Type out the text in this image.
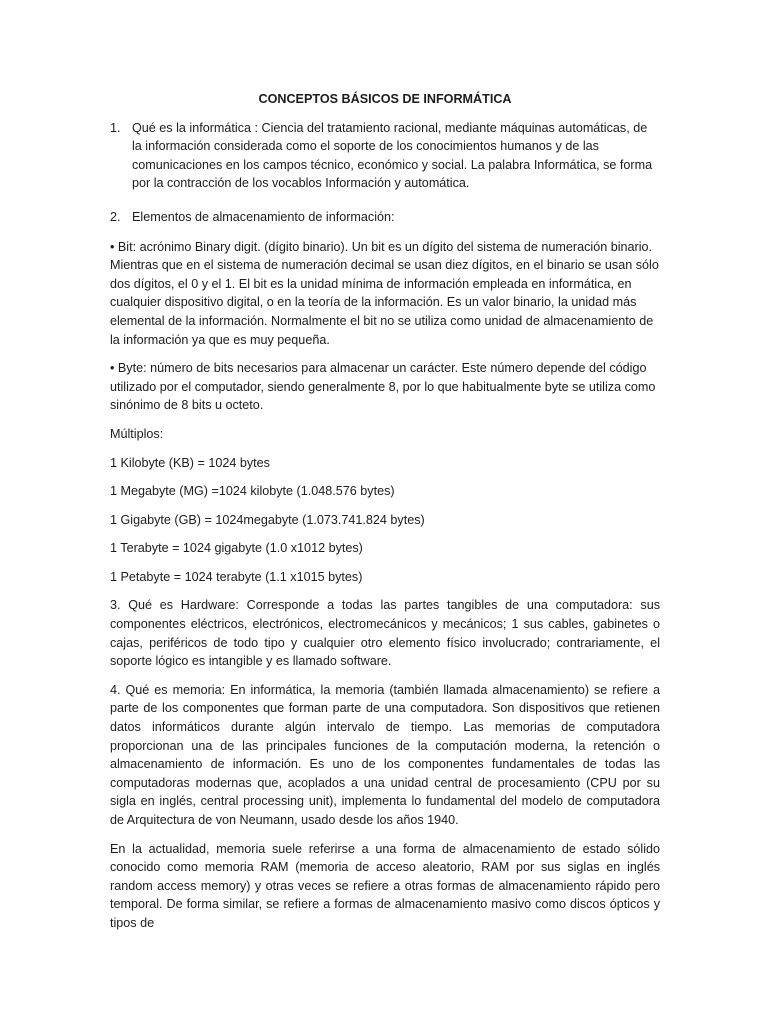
CONCEPTOS BÁSICOS DE INFORMÁTICA
1. Qué es la informática : Ciencia del tratamiento racional, mediante máquinas automáticas, de la información considerada como el soporte de los conocimientos humanos y de las comunicaciones en los campos técnico, económico y social. La palabra Informática, se forma por la contracción de los vocablos Información y automática.
2. Elementos de almacenamiento de información:

• Bit: acrónimo Binary digit. (dígito binario). Un bit es un dígito del sistema de numeración binario. Mientras que en el sistema de numeración decimal se usan diez dígitos, en el binario se usan sólo dos dígitos, el 0 y el 1. El bit es la unidad mínima de información empleada en informática, en cualquier dispositivo digital, o en la teoría de la información. Es un valor binario, la unidad más elemental de la información. Normalmente el bit no se utiliza como unidad de almacenamiento de la información ya que es muy pequeña.

• Byte: número de bits necesarios para almacenar un carácter. Este número depende del código utilizado por el computador, siendo generalmente 8, por lo que habitualmente byte se utiliza como sinónimo de 8 bits u octeto.

Múltiplos:

1 Kilobyte (KB) = 1024 bytes

1 Megabyte (MG) =1024 kilobyte (1.048.576 bytes)

1 Gigabyte (GB) = 1024megabyte (1.073.741.824 bytes)

1 Terabyte = 1024 gigabyte (1.0 x1012 bytes)

1 Petabyte = 1024 terabyte (1.1 x1015 bytes)

3. Qué es Hardware: Corresponde a todas las partes tangibles de una computadora: sus componentes eléctricos, electrónicos, electromecánicos y mecánicos; 1 sus cables, gabinetes o cajas, periféricos de todo tipo y cualquier otro elemento físico involucrado; contrariamente, el soporte lógico es intangible y es llamado software.

4. Qué es memoria: En informática, la memoria (también llamada almacenamiento) se refiere a parte de los componentes que forman parte de una computadora. Son dispositivos que retienen datos informáticos durante algún intervalo de tiempo. Las memorias de computadora proporcionan una de las principales funciones de la computación moderna, la retención o almacenamiento de información. Es uno de los componentes fundamentales de todas las computadoras modernas que, acoplados a una unidad central de procesamiento (CPU por su sigla en inglés, central processing unit), implementa lo fundamental del modelo de computadora de Arquitectura de von Neumann, usado desde los años 1940.

En la actualidad, memoria suele referirse a una forma de almacenamiento de estado sólido conocido como memoria RAM (memoria de acceso aleatorio, RAM por sus siglas en inglés random access memory) y otras veces se refiere a otras formas de almacenamiento rápido pero temporal. De forma similar, se refiere a formas de almacenamiento masivo como discos ópticos y tipos de
